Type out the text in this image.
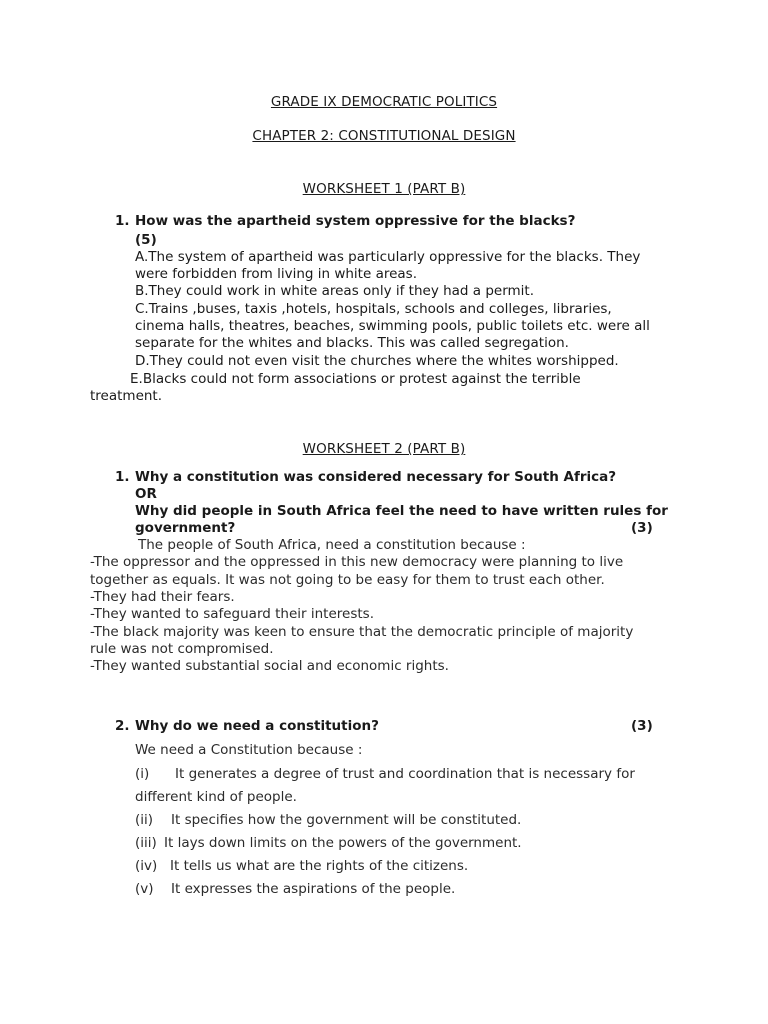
GRADE IX DEMOCRATIC POLITICS
CHAPTER 2: CONSTITUTIONAL DESIGN
WORKSHEET 1 (PART B)
1. How was the apartheid system oppressive for the blacks?
(5)
A.The system of apartheid was particularly oppressive for the blacks. They
were forbidden from living in white areas.
B.They could work in white areas only if they had a permit.
C.Trains ,buses, taxis ,hotels, hospitals, schools and colleges, libraries,
cinema halls, theatres, beaches, swimming pools, public toilets etc. were all
separate for the whites and blacks. This was called segregation.
D.They could not even visit the churches where the whites worshipped.
E.Blacks could not form associations or protest against the terrible
treatment.
WORKSHEET 2 (PART B)
1. Why a constitution was considered necessary for South Africa?
OR
Why did people in South Africa feel the need to have written rules for
government?	(3)
The people of South Africa, need a constitution because :
-The oppressor and the oppressed in this new democracy were planning to live
together as equals. It was not going to be easy for them to trust each other.
-They had their fears.
-They wanted to safeguard their interests.
-The black majority was keen to ensure that the democratic principle of majority
rule was not compromised.
-They wanted substantial social and economic rights.
2. Why do we need a constitution?	(3)
We need a Constitution because :
(i) It generates a degree of trust and coordination that is necessary for
different kind of people.
(ii) It specifies how the government will be constituted.
(iii) It lays down limits on the powers of the government.
(iv) It tells us what are the rights of the citizens.
(v) It expresses the aspirations of the people.
